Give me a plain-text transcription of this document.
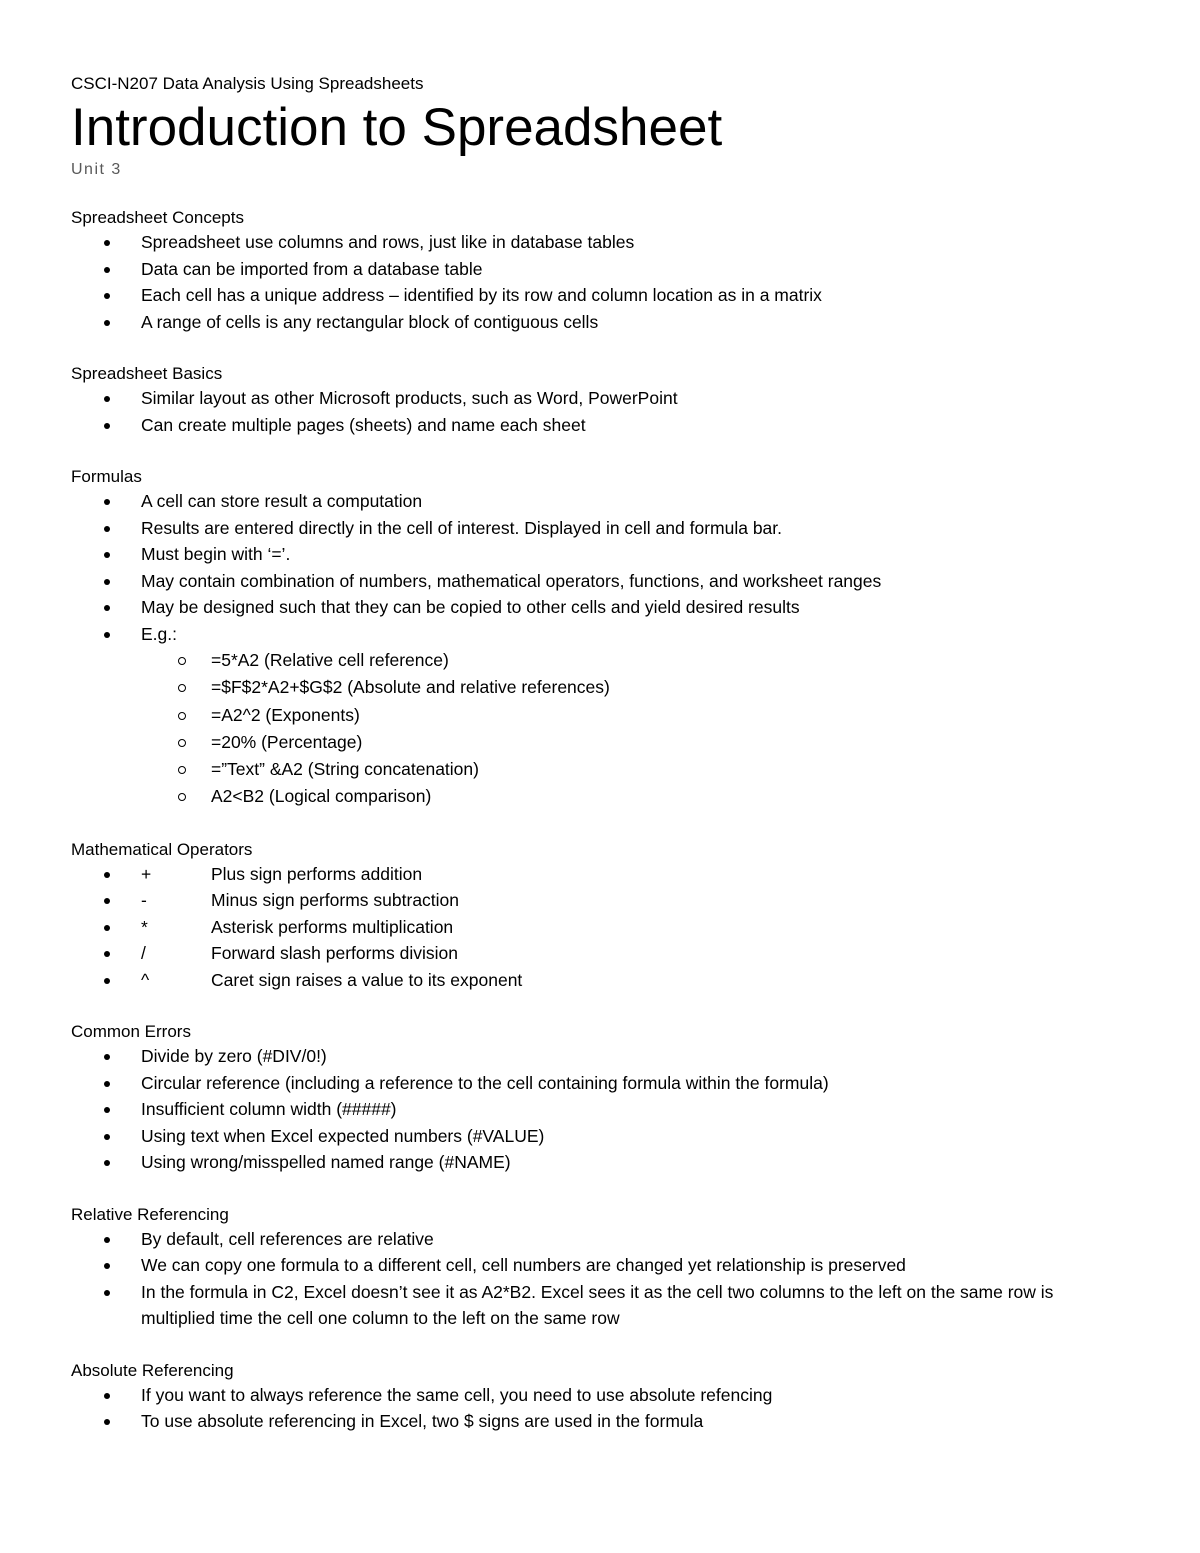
CSCI-N207 Data Analysis Using Spreadsheets
Introduction to Spreadsheet
Unit 3
Spreadsheet Concepts
Spreadsheet use columns and rows, just like in database tables
Data can be imported from a database table
Each cell has a unique address – identified by its row and column location as in a matrix
A range of cells is any rectangular block of contiguous cells
Spreadsheet Basics
Similar layout as other Microsoft products, such as Word, PowerPoint
Can create multiple pages (sheets) and name each sheet
Formulas
A cell can store result a computation
Results are entered directly in the cell of interest. Displayed in cell and formula bar.
Must begin with ‘=’.
May contain combination of numbers, mathematical operators, functions, and worksheet ranges
May be designed such that they can be copied to other cells and yield desired results
E.g.:
=5*A2 (Relative cell reference)
=$F$2*A2+$G$2 (Absolute and relative references)
=A2^2 (Exponents)
=20% (Percentage)
=”Text” &A2 (String concatenation)
A2<B2 (Logical comparison)
Mathematical Operators
+	Plus sign performs addition
-	Minus sign performs subtraction
*	Asterisk performs multiplication
/	Forward slash performs division
^	Caret sign raises a value to its exponent
Common Errors
Divide by zero (#DIV/0!)
Circular reference (including a reference to the cell containing formula within the formula)
Insufficient column width (#####)
Using text when Excel expected numbers (#VALUE)
Using wrong/misspelled named range (#NAME)
Relative Referencing
By default, cell references are relative
We can copy one formula to a different cell, cell numbers are changed yet relationship is preserved
In the formula in C2, Excel doesn’t see it as A2*B2. Excel sees it as the cell two columns to the left on the same row is multiplied time the cell one column to the left on the same row
Absolute Referencing
If you want to always reference the same cell, you need to use absolute refencing
To use absolute referencing in Excel, two $ signs are used in the formula
